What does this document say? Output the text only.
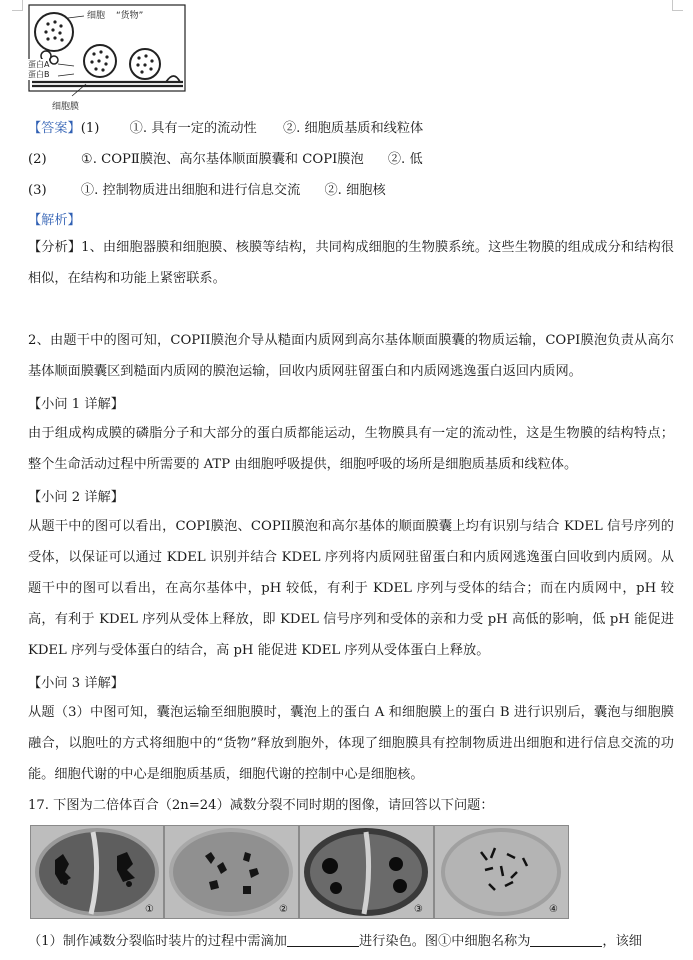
细胞 “货物”
蛋白A
蛋白B
细胞膜
【答案】(1) ①. 具有一定的流动性 ②. 细胞质基质和线粒体
(2)	①. COPⅡ膜泡、高尔基体顺面膜囊和 COPI膜泡 ②. 低
(3)	①. 控制物质进出细胞和进行信息交流 ②. 细胞核
【解析】
【分析】1、由细胞器膜和细胞膜、核膜等结构，共同构成细胞的生物膜系统。这些生物膜的组成成分和结构很相似，在结构和功能上紧密联系。
2、由题干中的图可知，COPII膜泡介导从糙面内质网到高尔基体顺面膜囊的物质运输，COPI膜泡负责从高尔基体顺面膜囊区到糙面内质网的膜泡运输，回收内质网驻留蛋白和内质网逃逸蛋白返回内质网。
【小问 1 详解】
由于组成构成膜的磷脂分子和大部分的蛋白质都能运动，生物膜具有一定的流动性，这是生物膜的结构特点；整个生命活动过程中所需要的 ATP 由细胞呼吸提供，细胞呼吸的场所是细胞质基质和线粒体。
【小问 2 详解】
从题干中的图可以看出，COPI膜泡、COPII膜泡和高尔基体的顺面膜囊上均有识别与结合 KDEL 信号序列的受体，以保证可以通过 KDEL 识别并结合 KDEL 序列将内质网驻留蛋白和内质网逃逸蛋白回收到内质网。从题干中的图可以看出，在高尔基体中，pH 较低，有利于 KDEL 序列与受体的结合；而在内质网中，pH 较高，有利于 KDEL 序列从受体上释放，即 KDEL 信号序列和受体的亲和力受 pH 高低的影响，低 pH 能促进 KDEL 序列与受体蛋白的结合，高 pH 能促进 KDEL 序列从受体蛋白上释放。
【小问 3 详解】
从题（3）中图可知，囊泡运输至细胞膜时，囊泡上的蛋白 A 和细胞膜上的蛋白 B 进行识别后，囊泡与细胞膜融合，以胞吐的方式将细胞中的“货物”释放到胞外，体现了细胞膜具有控制物质进出细胞和进行信息交流的功能。细胞代谢的中心是细胞质基质，细胞代谢的控制中心是细胞核。
17. 下图为二倍体百合（2n=24）减数分裂不同时期的图像，请回答以下问题：
①	②	③	④
（1）制作减数分裂临时装片的过程中需滴加	进行染色。图①中细胞名称为	，该细
